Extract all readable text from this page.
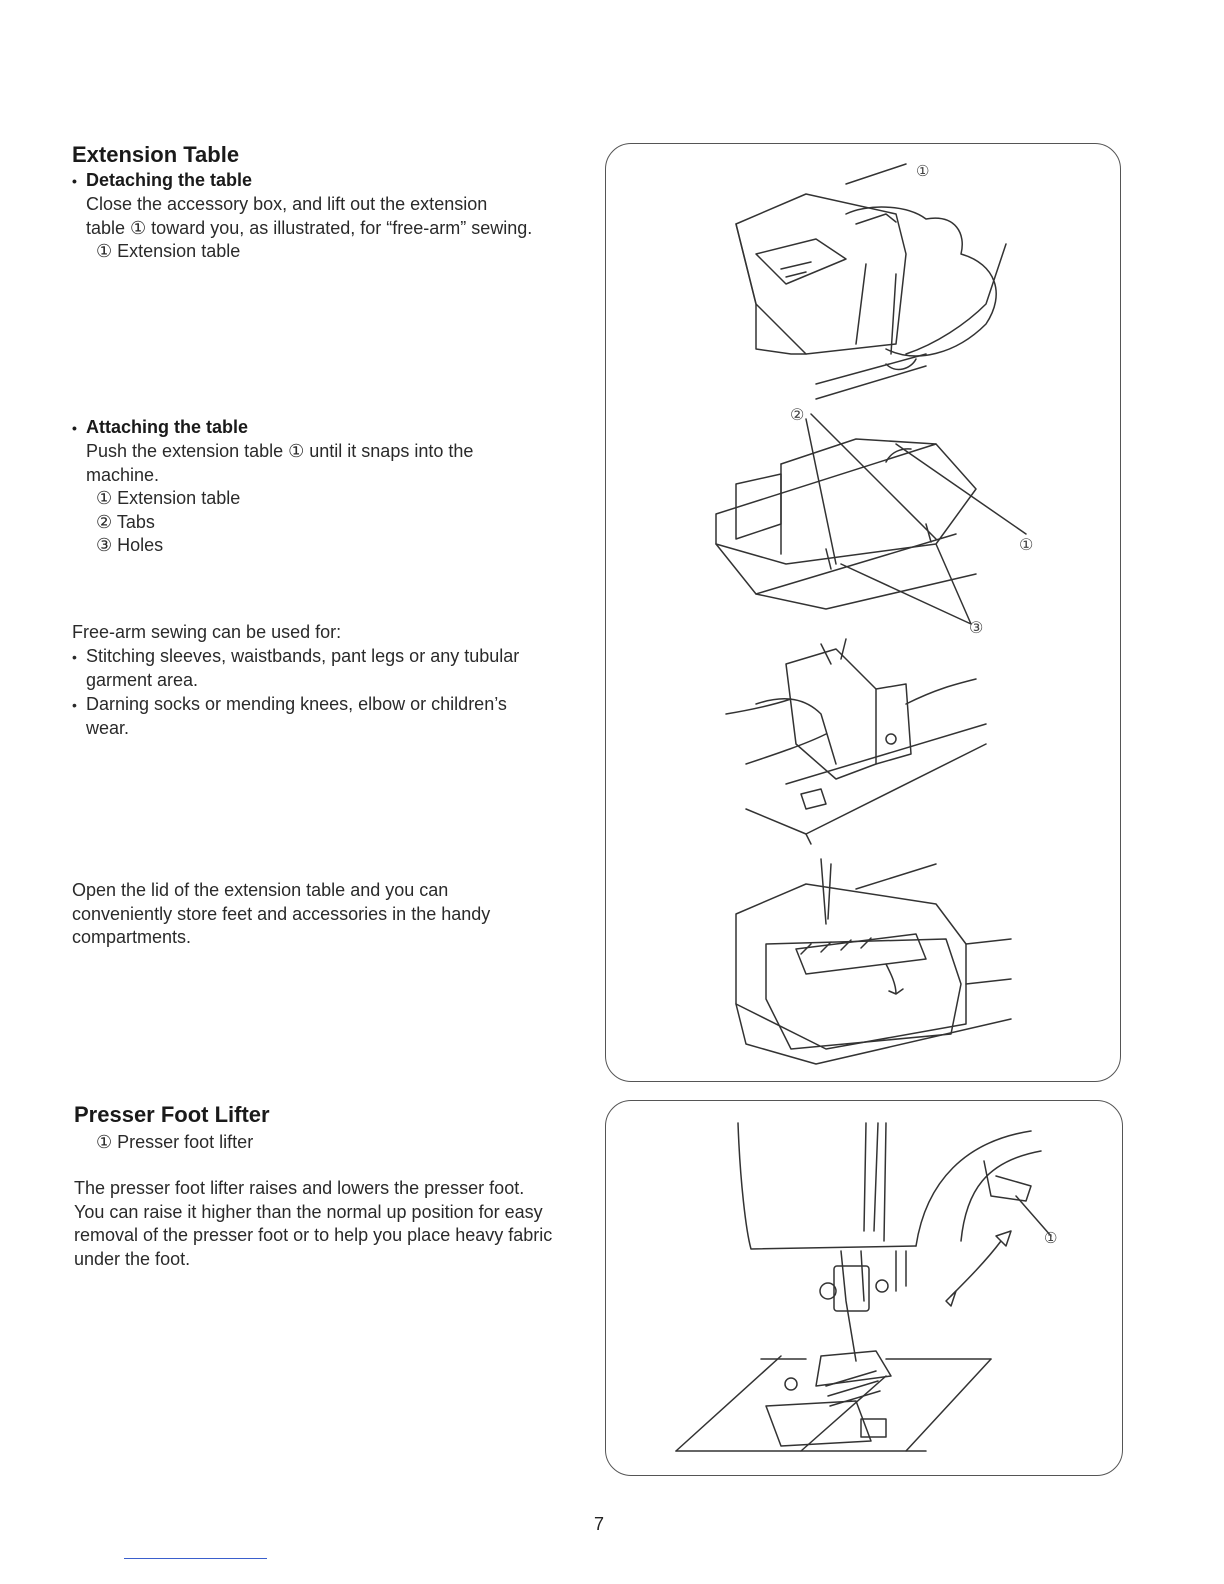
Extension Table
• Detaching the table
Close the accessory box, and lift out the extension
table ① toward you, as illustrated, for “free-arm” sewing.
① Extension table
• Attaching the table
Push the extension table ① until it snaps into the
machine.
① Extension table
② Tabs
③ Holes
Free-arm sewing can be used for:
• Stitching sleeves, waistbands, pant legs or any tubular
garment area.
• Darning socks or mending knees, elbow or children’s
wear.
Open the lid of the extension table and you can
conveniently store feet and accessories in the handy
compartments.
Presser Foot Lifter
① Presser foot lifter
The presser foot lifter raises and lowers the presser foot.
You can raise it higher than the normal up position for easy
removal of the presser foot or to help you place heavy fabric
under the foot.
①
②
①
③
①
7
